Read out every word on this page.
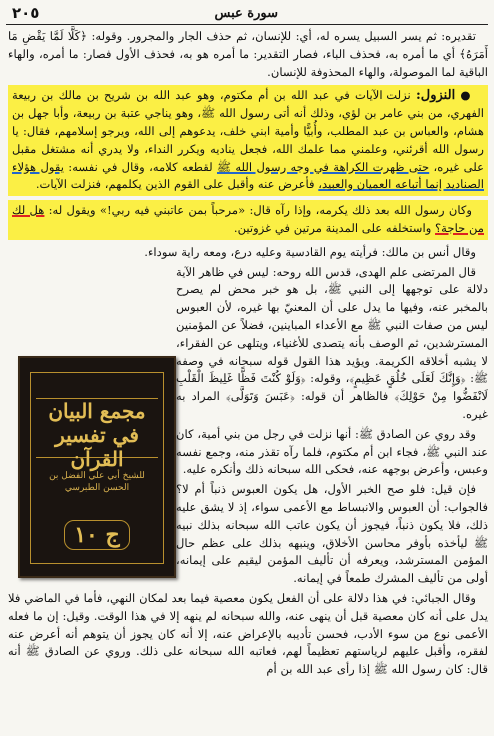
٢٠٥	سورة عبس

تقديره: ثم يسر السبيل يسره له، أي: للإنسان، ثم حذف الجار والمجرور. وقوله: ﴿كَلَّا لَمَّا يَقْضِ مَا أَمَرَهُ﴾ أي ما أمره به، فحذف الباء، فصار التقدير: ما أمره هو به، فحذف الأول فصار: ما أمره، والهاء الباقية لما الموصولة، والهاء المحذوفة للإنسان.

● النزول: نزلت الآيات في عبد الله بن أم مكتوم، وهو عبد الله بن شريح بن مالك بن ربيعة الفهري، من بني عامر بن لؤي، وذلك أنه أتى رسول الله ﷺ، وهو يناجي عتبة بن ربيعة، وأبا جهل بن هشام، والعباس بن عبد المطلب، وأُبيًّا وأمية ابني خلف، يدعوهم إلى الله، ويرجو إسلامهم، فقال: يا رسول الله أقرئني، وعلمني مما علمك الله، فجعل يناديه ويكرر النداء، ولا يدري أنه مشتغل مقبل على غيره، حتى ظهرت الكراهة في وجه رسول الله ﷺ لقطعه كلامه، وقال في نفسه: يقول هؤلاء الصناديد إنما أتباعه العميان والعبيد، فأعرض عنه وأقبل على القوم الذين يكلمهم، فنزلت الآيات.

وكان رسول الله بعد ذلك يكرمه، وإذا رآه قال: «مرحباً بمن عاتبني فيه ربي!» ويقول له: هل لك من حاجة؟ واستخلفه على المدينة مرتين في غزوتين.

وقال أنس بن مالك: فرأيته يوم القادسية وعليه درع، ومعه راية سوداء.

قال المرتضى علم الهدى، قدس الله روحه: ليس في ظاهر الآية دلالة على توجهها إلى النبي ﷺ، بل هو خبر محض لم يصرح بالمخبر عنه، وفيها ما يدل على أن المعنيّ بها غيره، لأن العبوس ليس من صفات النبي ﷺ مع الأعداء المباينين، فضلاً عن المؤمنين المسترشدين، ثم الوصف بأنه يتصدى للأغنياء، ويتلهى عن الفقراء، لا يشبه أخلاقه الكريمة. ويؤيد هذا القول قوله سبحانه في وصفه ﷺ: ﴿وَإِنَّكَ لَعَلَى خُلُقٍ عَظِيمٍ﴾، وقوله: ﴿وَلَوْ كُنْتَ فَظًّا غَلِيظَ الْقَلْبِ لَانْفَضُّوا مِنْ حَوْلِكَ﴾ فالظاهر أن قوله: ﴿عَبَسَ وَتَوَلَّى﴾ المراد به غيره.

وقد روي عن الصادق ﷺ: أنها نزلت في رجل من بني أمية، كان عند النبي ﷺ، فجاء ابن أم مكتوم، فلما رآه تقذر منه، وجمع نفسه وعبس، وأعرض بوجهه عنه، فحكى الله سبحانه ذلك وأنكره عليه.

فإن قيل: فلو صح الخبر الأول، هل يكون العبوس ذنباً أم لا؟ فالجواب: أن العبوس والانبساط مع الأعمى سواء، إذ لا يشق عليه ذلك، فلا يكون ذنباً، فيجوز أن يكون عاتب الله سبحانه بذلك نبيه ﷺ ليأخذه بأوفر محاسن الأخلاق، وينبهه بذلك على عظم حال المؤمن المسترشد، ويعرفه أن تأليف المؤمن ليقيم على إيمانه، أولى من تأليف المشرك طمعاً في إيمانه.

وقال الجبائي: في هذا دلالة على أن الفعل يكون معصية فيما بعد لمكان النهي، فأما في الماضي فلا يدل على أنه كان معصية قبل أن ينهى عنه، والله سبحانه لم ينهه إلا في هذا الوقت. وقيل: إن ما فعله الأعمى نوع من سوء الأدب، فحسن تأديبه بالإعراض عنه، إلا أنه كان يجوز أن يتوهم أنه أعرض عنه لفقره، وأقبل عليهم لرياستهم تعظيماً لهم، فعاتبه الله سبحانه على ذلك. وروي عن الصادق ﷺ أنه قال: كان رسول الله ﷺ إذا رأى عبد الله بن أم

مجمع البيان في تفسير القرآن
للشيخ أبي علي الفضل بن الحسن الطبرسي
ج ١٠
